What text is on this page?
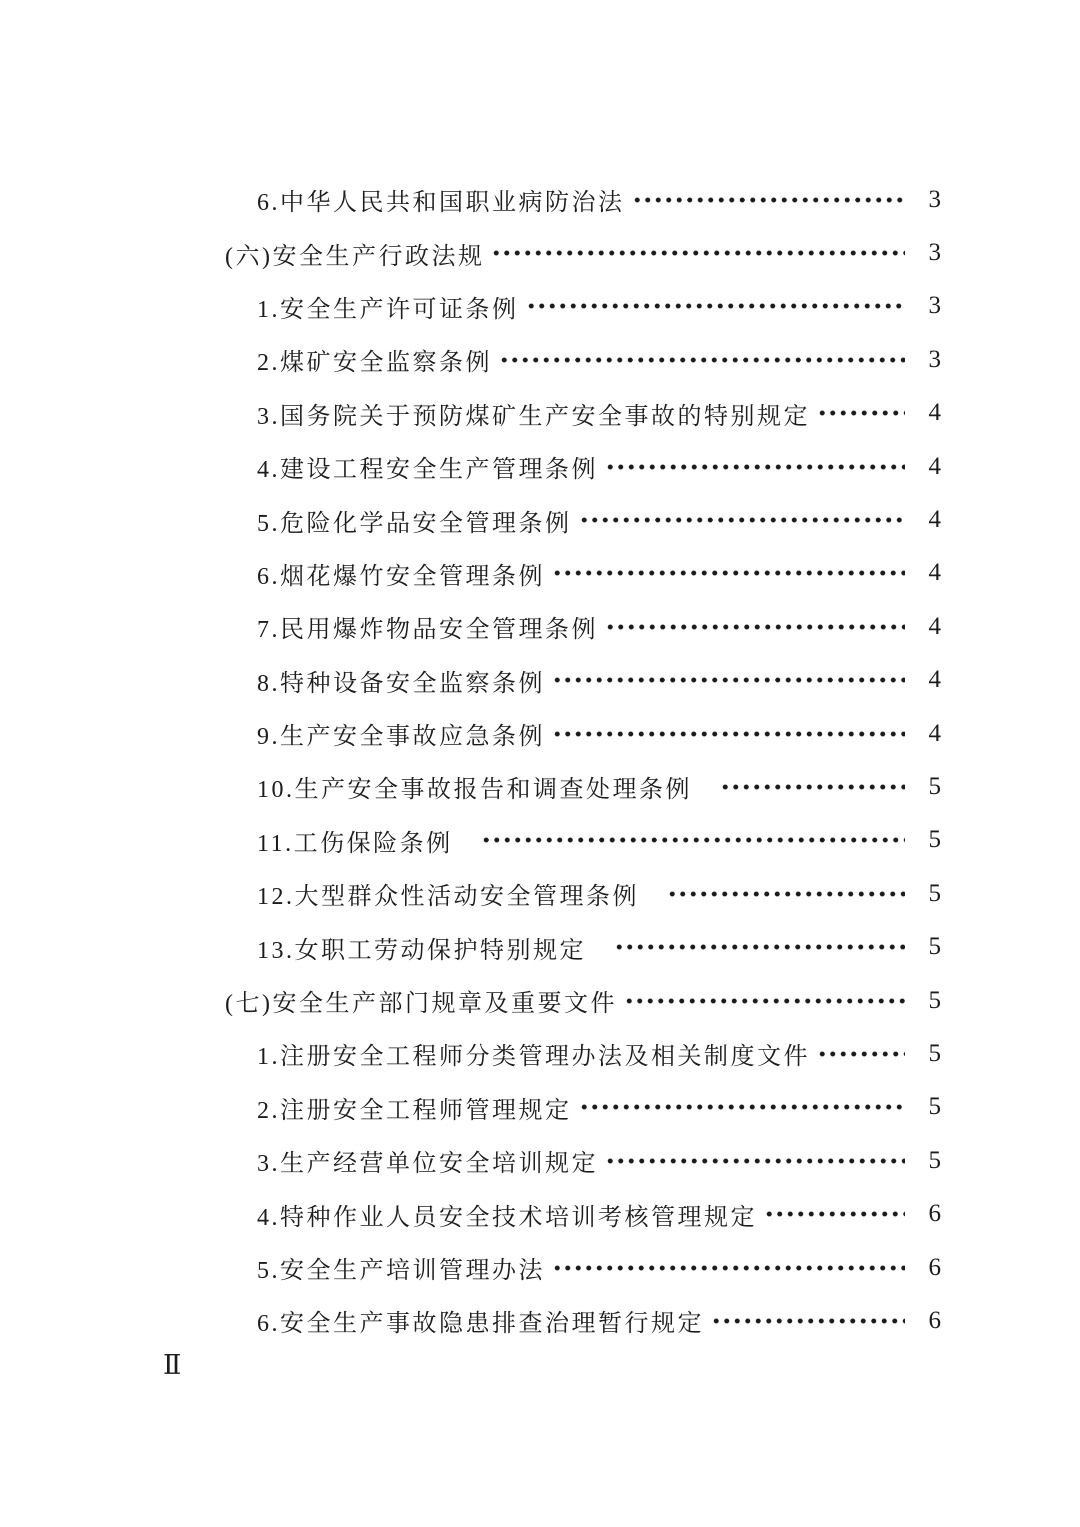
6.中华人民共和国职业病防治法	3
(六)安全生产行政法规	3
1.安全生产许可证条例	3
2.煤矿安全监察条例	3
3.国务院关于预防煤矿生产安全事故的特别规定	4
4.建设工程安全生产管理条例	4
5.危险化学品安全管理条例	4
6.烟花爆竹安全管理条例	4
7.民用爆炸物品安全管理条例	4
8.特种设备安全监察条例	4
9.生产安全事故应急条例	4
10.生产安全事故报告和调查处理条例	5
11.工伤保险条例	5
12.大型群众性活动安全管理条例	5
13.女职工劳动保护特别规定	5
(七)安全生产部门规章及重要文件	5
1.注册安全工程师分类管理办法及相关制度文件	5
2.注册安全工程师管理规定	5
3.生产经营单位安全培训规定	5
4.特种作业人员安全技术培训考核管理规定	6
5.安全生产培训管理办法	6
6.安全生产事故隐患排查治理暂行规定	6
Ⅱ
